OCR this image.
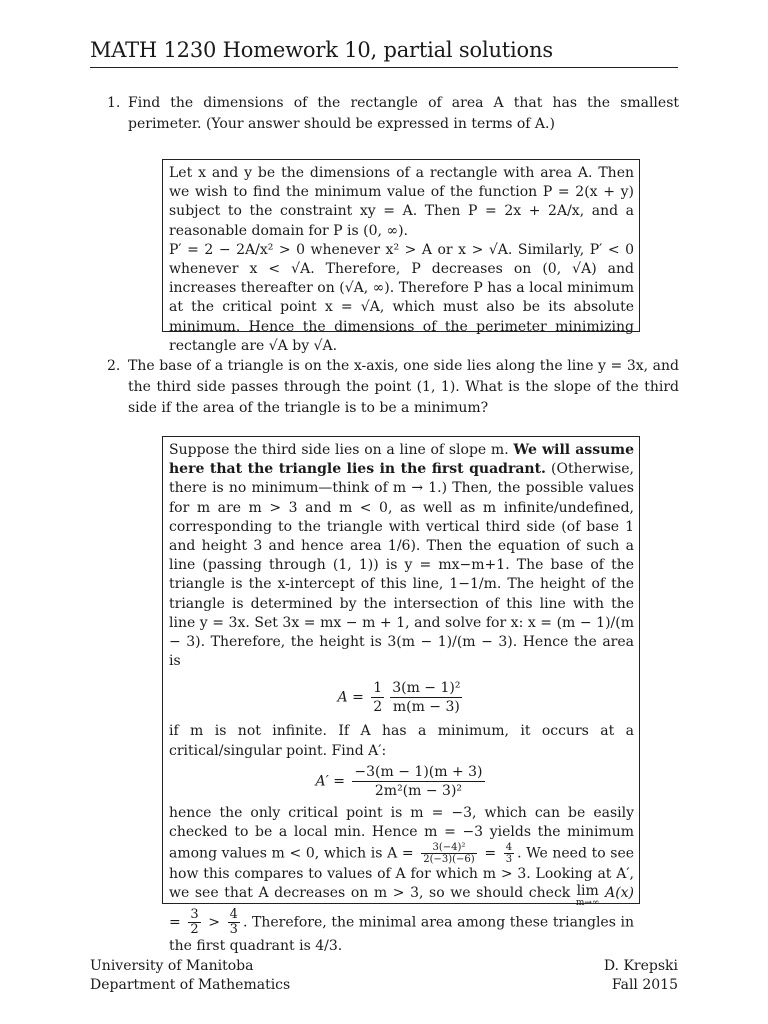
MATH 1230 Homework 10, partial solutions
1. Find the dimensions of the rectangle of area A that has the smallest perimeter. (Your answer should be expressed in terms of A.)

Let x and y be the dimensions of a rectangle with area A. Then we wish to find the minimum value of the function P = 2(x + y) subject to the constraint xy = A. Then P = 2x + 2A/x, and a reasonable domain for P is (0, ∞).

P′ = 2 − 2A/x² > 0 whenever x² > A or x > √A. Similarly, P′ < 0 whenever x < √A. Therefore, P decreases on (0, √A) and increases thereafter on (√A, ∞). Therefore P has a local minimum at the critical point x = √A, which must also be its absolute minimum. Hence the dimensions of the perimeter minimizing rectangle are √A by √A.

2. The base of a triangle is on the x-axis, one side lies along the line y = 3x, and the third side passes through the point (1, 1). What is the slope of the third side if the area of the triangle is to be a minimum?

Suppose the third side lies on a line of slope m. We will assume here that the triangle lies in the first quadrant. (Otherwise, there is no minimum—think of m → 1.) Then, the possible values for m are m > 3 and m < 0, as well as m infinite/undefined, corresponding to the triangle with vertical third side (of base 1 and height 3 and hence area 1/6). Then the equation of such a line (passing through (1, 1)) is y = mx−m+1. The base of the triangle is the x-intercept of this line, 1−1/m. The height of the triangle is determined by the intersection of this line with the line y = 3x. Set 3x = mx − m + 1, and solve for x: x = (m − 1)/(m − 3). Therefore, the height is 3(m − 1)/(m − 3). Hence the area is

$A = \frac{1}{2} \frac{\text{3(m − 1)²}}{m(m - 3)}$

if m is not infinite. If A has a minimum, it occurs at a critical/singular point. Find A′:

$A' = \frac{-3(m - 1)(m + 3)}{\text{2m²(m − 3)²}}$

hence the only critical point is m = −3, which can be easily checked to be a local min. Hence m = −3 yields the minimum among values m < 0, which is $A = \frac{\text{3(−4)²}}{2(-3)(-6)} = \frac{4}{3}$ . We need to see how this compares to values of A for which m > 3. Looking at A′, we see that A decreases on m > 3, so we should check lim
m→∞
$A(x) = \frac{3}{2} > \frac{4}{3}$ . Therefore, the minimal area among these triangles in the first quadrant is 4/3.

University of Manitoba
Department of Mathematics
D. Krepski
Fall 2015
